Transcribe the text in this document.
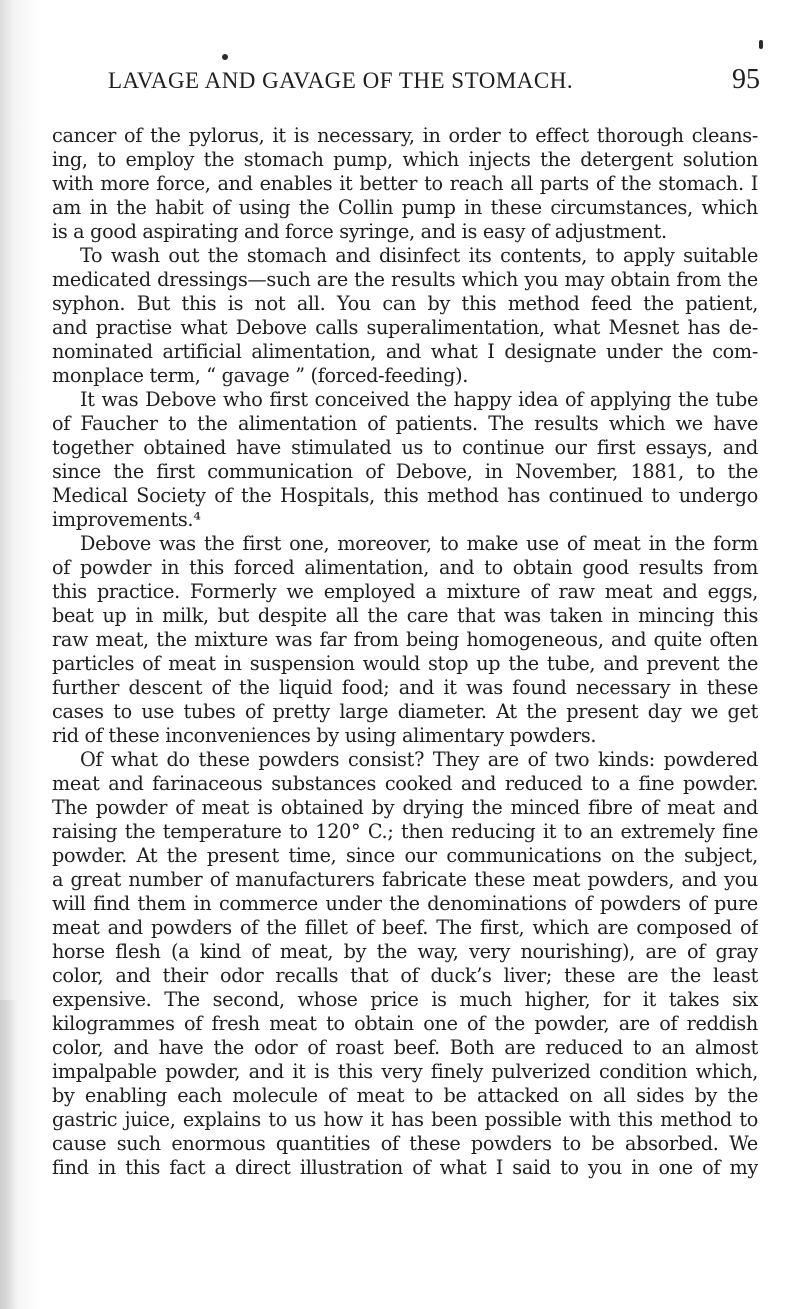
LAVAGE AND GAVAGE OF THE STOMACH.	95
cancer of the pylorus, it is necessary, in order to effect thorough cleans-
ing, to employ the stomach pump, which injects the detergent solution
with more force, and enables it better to reach all parts of the stomach. I
am in the habit of using the Collin pump in these circumstances, which
is a good aspirating and force syringe, and is easy of adjustment.
To wash out the stomach and disinfect its contents, to apply suitable
medicated dressings—such are the results which you may obtain from the
syphon. But this is not all. You can by this method feed the patient,
and practise what Debove calls superalimentation, what Mesnet has de-
nominated artificial alimentation, and what I designate under the com-
monplace term, “ gavage ” (forced-feeding).
It was Debove who first conceived the happy idea of applying the tube
of Faucher to the alimentation of patients. The results which we have
together obtained have stimulated us to continue our first essays, and
since the first communication of Debove, in November, 1881, to the
Medical Society of the Hospitals, this method has continued to undergo
improvements.⁴
Debove was the first one, moreover, to make use of meat in the form
of powder in this forced alimentation, and to obtain good results from
this practice. Formerly we employed a mixture of raw meat and eggs,
beat up in milk, but despite all the care that was taken in mincing this
raw meat, the mixture was far from being homogeneous, and quite often
particles of meat in suspension would stop up the tube, and prevent the
further descent of the liquid food; and it was found necessary in these
cases to use tubes of pretty large diameter. At the present day we get
rid of these inconveniences by using alimentary powders.
Of what do these powders consist? They are of two kinds: powdered
meat and farinaceous substances cooked and reduced to a fine powder.
The powder of meat is obtained by drying the minced fibre of meat and
raising the temperature to 120° C.; then reducing it to an extremely fine
powder. At the present time, since our communications on the subject,
a great number of manufacturers fabricate these meat powders, and you
will find them in commerce under the denominations of powders of pure
meat and powders of the fillet of beef. The first, which are composed of
horse flesh (a kind of meat, by the way, very nourishing), are of gray
color, and their odor recalls that of duck’s liver; these are the least
expensive. The second, whose price is much higher, for it takes six
kilogrammes of fresh meat to obtain one of the powder, are of reddish
color, and have the odor of roast beef. Both are reduced to an almost
impalpable powder, and it is this very finely pulverized condition which,
by enabling each molecule of meat to be attacked on all sides by the
gastric juice, explains to us how it has been possible with this method to
cause such enormous quantities of these powders to be absorbed. We
find in this fact a direct illustration of what I said to you in one of my
